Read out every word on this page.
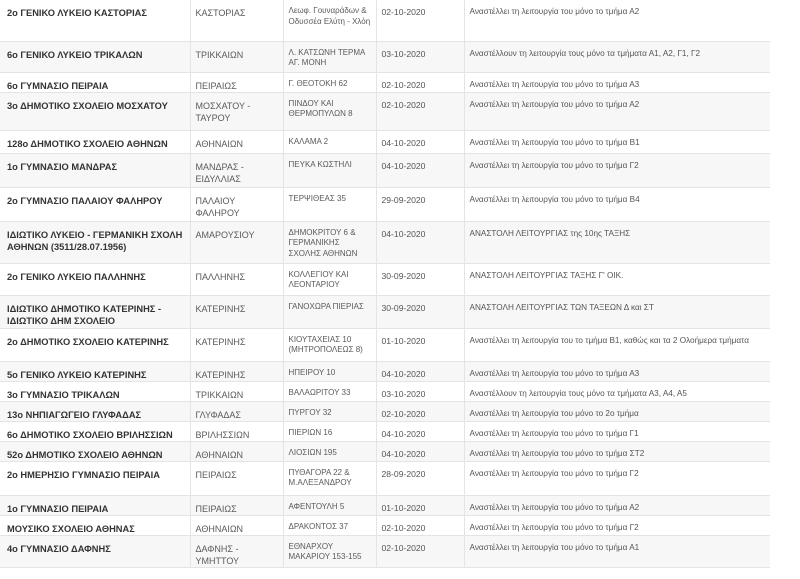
2ο ΓΕΝΙΚΟ ΛΥΚΕΙΟ ΚΑΣΤΟΡΙΑΣ	ΚΑΣΤΟΡΙΑΣ	Λεωφ. Γουναράδων & Οδυσσέα Ελύτη - Χλόη	02-10-2020	Αναστέλλει τη λειτουργία του μόνο το τμήμα Α2
6ο ΓΕΝΙΚΟ ΛΥΚΕΙΟ ΤΡΙΚΑΛΩΝ	ΤΡΙΚΚΑΙΩΝ	Λ. ΚΑΤΣΩΝΗ ΤΕΡΜΑ ΑΓ. ΜΟΝΗ	03-10-2020	Αναστέλλουν τη λειτουργία τους μόνο τα τμήματα Α1, Α2, Γ1, Γ2
6ο ΓΥΜΝΑΣΙΟ ΠΕΙΡΑΙΑ	ΠΕΙΡΑΙΩΣ	Γ. ΘΕΟΤΟΚΗ 62	02-10-2020	Αναστέλλει τη λειτουργία του μόνο το τμήμα Α3
3ο ΔΗΜΟΤΙΚΟ ΣΧΟΛΕΙΟ ΜΟΣΧΑΤΟΥ	ΜΟΣΧΑΤΟΥ - ΤΑΥΡΟΥ	ΠΙΝΔΟΥ ΚΑΙ ΘΕΡΜΟΠΥΛΩΝ 8	02-10-2020	Αναστέλλει τη λειτουργία του μόνο το τμήμα Α2
128ο ΔΗΜΟΤΙΚΟ ΣΧΟΛΕΙΟ ΑΘΗΝΩΝ	ΑΘΗΝΑΙΩΝ	ΚΑΛΑΜΑ 2	04-10-2020	Αναστέλλει τη λειτουργία του μόνο το τμήμα Β1
1ο ΓΥΜΝΑΣΙΟ ΜΑΝΔΡΑΣ	ΜΑΝΔΡΑΣ - ΕΙΔΥΛΛΙΑΣ	ΠΕΥΚΑ ΚΩΣΤΗΛΙ	04-10-2020	Αναστέλλει τη λειτουργία του μόνο το τμήμα Γ2
2ο ΓΥΜΝΑΣΙΟ ΠΑΛΑΙΟΥ ΦΑΛΗΡΟΥ	ΠΑΛΑΙΟΥ ΦΑΛΗΡΟΥ	ΤΕΡΨΙΘΕΑΣ 35	29-09-2020	Αναστέλλει τη λειτουργία του μόνο το τμήμα Β4
ΙΔΙΩΤΙΚΟ ΛΥΚΕΙΟ - ΓΕΡΜΑΝΙΚΗ ΣΧΟΛΗ ΑΘΗΝΩΝ (3511/28.07.1956)	ΑΜΑΡΟΥΣΙΟΥ	ΔΗΜΟΚΡΙΤΟΥ 6 & ΓΕΡΜΑΝΙΚΗΣ ΣΧΟΛΗΣ ΑΘΗΝΩΝ	04-10-2020	ΑΝΑΣΤΟΛΗ ΛΕΙΤΟΥΡΓΙΑΣ της 10ης ΤΑΞΗΣ
2ο ΓΕΝΙΚΟ ΛΥΚΕΙΟ ΠΑΛΛΗΝΗΣ	ΠΑΛΛΗΝΗΣ	ΚΟΛΛΕΓΙΟΥ ΚΑΙ ΛΕΟΝΤΑΡΙΟΥ	30-09-2020	ΑΝΑΣΤΟΛΗ ΛΕΙΤΟΥΡΓΙΑΣ ΤΑΞΗΣ Γ' ΟΙΚ.
ΙΔΙΩΤΙΚΟ ΔΗΜΟΤΙΚΟ ΚΑΤΕΡΙΝΗΣ - ΙΔΙΩΤΙΚΟ ΔΗΜ ΣΧΟΛΕΙΟ	ΚΑΤΕΡΙΝΗΣ	ΓΑΝΟΧΩΡΑ ΠΙΕΡΙΑΣ	30-09-2020	ΑΝΑΣΤΟΛΗ ΛΕΙΤΟΥΡΓΙΑΣ ΤΩΝ ΤΑΞΕΩΝ Δ και ΣΤ
2ο ΔΗΜΟΤΙΚΟ ΣΧΟΛΕΙΟ ΚΑΤΕΡΙΝΗΣ	ΚΑΤΕΡΙΝΗΣ	ΚΙΟΥΤΑΧΕΙΑΣ 10 (ΜΗΤΡΟΠΟΛΕΩΣ 8)	01-10-2020	Αναστέλλει τη λειτουργία του το τμήμα Β1, καθώς και τα 2 Ολοήμερα τμήματα
5ο ΓΕΝΙΚΟ ΛΥΚΕΙΟ ΚΑΤΕΡΙΝΗΣ	ΚΑΤΕΡΙΝΗΣ	ΗΠΕΙΡΟΥ 10	04-10-2020	Αναστέλλει τη λειτουργία του μόνο το τμήμα Α3
3ο ΓΥΜΝΑΣΙΟ ΤΡΙΚΑΛΩΝ	ΤΡΙΚΚΑΙΩΝ	ΒΑΛΑΩΡΙΤΟΥ 33	03-10-2020	Αναστέλλουν τη λειτουργία τους μόνο τα τμήματα Α3, Α4, Α5
13ο ΝΗΠΙΑΓΩΓΕΙΟ ΓΛΥΦΑΔΑΣ	ΓΛΥΦΑΔΑΣ	ΠΥΡΓΟΥ 32	02-10-2020	Αναστέλλει τη λειτουργία του μόνο το 2ο τμήμα
6ο ΔΗΜΟΤΙΚΟ ΣΧΟΛΕΙΟ ΒΡΙΛΗΣΣΙΩΝ	ΒΡΙΛΗΣΣΙΩΝ	ΠΙΕΡΙΩΝ 16	04-10-2020	Αναστέλλει τη λειτουργία του μόνο το τμήμα Γ1
52ο ΔΗΜΟΤΙΚΟ ΣΧΟΛΕΙΟ ΑΘΗΝΩΝ	ΑΘΗΝΑΙΩΝ	ΛΙΟΣΙΩΝ 195	04-10-2020	Αναστέλλει τη λειτουργία του μόνο το τμήμα ΣΤ2
2ο ΗΜΕΡΗΣΙΟ ΓΥΜΝΑΣΙΟ ΠΕΙΡΑΙΑ	ΠΕΙΡΑΙΩΣ	ΠΥΘΑΓΟΡΑ 22 & Μ.ΑΛΕΞΑΝΔΡΟΥ	28-09-2020	Αναστέλλει τη λειτουργία του μόνο το τμήμα Γ2
1ο ΓΥΜΝΑΣΙΟ ΠΕΙΡΑΙΑ	ΠΕΙΡΑΙΩΣ	ΑΦΕΝΤΟΥΛΗ 5	01-10-2020	Αναστέλλει τη λειτουργία του μόνο το τμήμα Α2
ΜΟΥΣΙΚΟ ΣΧΟΛΕΙΟ ΑΘΗΝΑΣ	ΑΘΗΝΑΙΩΝ	ΔΡΑΚΟΝΤΟΣ 37	02-10-2020	Αναστέλλει τη λειτουργία του μόνο το τμήμα Γ2
4ο ΓΥΜΝΑΣΙΟ ΔΑΦΝΗΣ	ΔΑΦΝΗΣ - ΥΜΗΤΤΟΥ	ΕΘΝΑΡΧΟΥ ΜΑΚΑΡΙΟΥ 153-155	02-10-2020	Αναστέλλει τη λειτουργία του μόνο το τμήμα Α1
